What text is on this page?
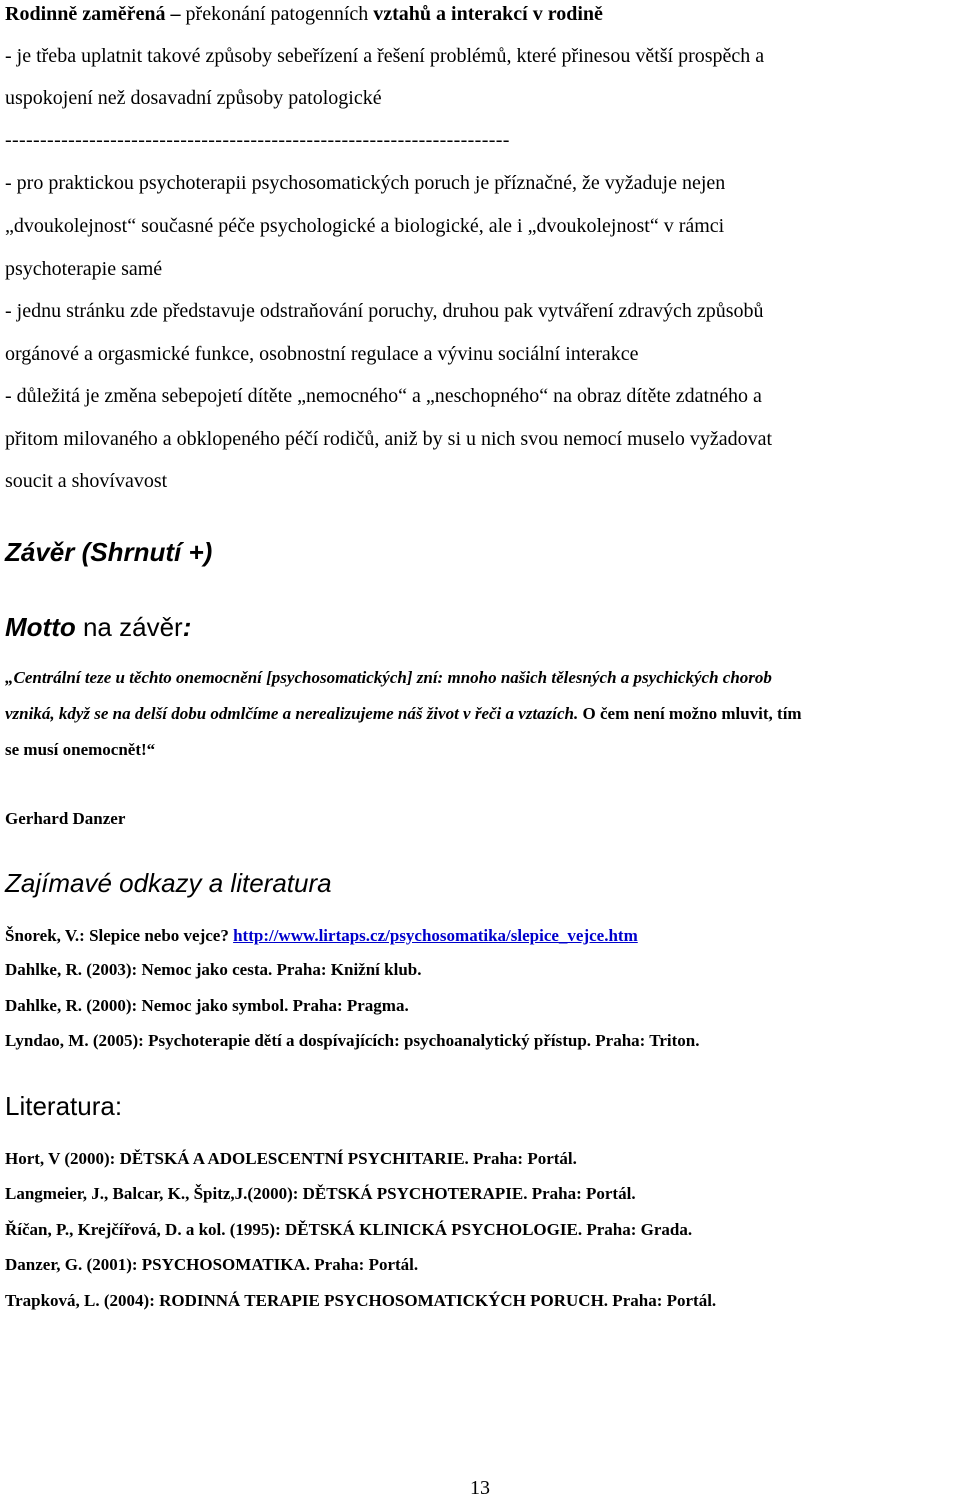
Rodinně zaměřená – překonání patogenních vztahů a interakcí v rodině
- je třeba uplatnit takové způsoby sebeřízení a řešení problémů, které přinesou větší prospěch a
uspokojení než dosavadní způsoby patologické
------------------------------------------------------------------------
- pro praktickou psychoterapii psychosomatických poruch je příznačné, že vyžaduje nejen
„dvoukolejnost“ současné péče psychologické a biologické, ale i „dvoukolejnost“ v rámci
psychoterapie samé
- jednu stránku zde představuje odstraňování poruchy, druhou pak vytváření zdravých způsobů
orgánové a orgasmické funkce, osobnostní regulace a vývinu sociální interakce
- důležitá je změna sebepojetí dítěte „nemocného“ a „neschopného“ na obraz dítěte zdatného a
přitom milovaného a obklopeného péčí rodičů, aniž by si u nich svou nemocí muselo vyžadovat
soucit a shovívavost
Závěr (Shrnutí +)
Motto na závěr:
„Centrální teze u těchto onemocnění [psychosomatických] zní: mnoho našich tělesných a psychických chorob
vzniká, když se na delší dobu odmlčíme a nerealizujeme náš život v řeči a vztazích. O čem není možno mluvit, tím
se musí onemocnět!“
Gerhard Danzer
Zajímavé odkazy a literatura
Šnorek, V.: Slepice nebo vejce? http://www.lirtaps.cz/psychosomatika/slepice_vejce.htm
Dahlke, R. (2003): Nemoc jako cesta. Praha: Knižní klub.
Dahlke, R. (2000): Nemoc jako symbol. Praha: Pragma.
Lyndao, M. (2005): Psychoterapie dětí a dospívajících: psychoanalytický přístup. Praha: Triton.
Literatura:
Hort, V (2000): DĚTSKÁ A ADOLESCENTNÍ PSYCHITARIE. Praha: Portál.
Langmeier, J., Balcar, K., Špitz,J.(2000): DĚTSKÁ PSYCHOTERAPIE. Praha: Portál.
Říčan, P., Krejčířová, D. a kol. (1995): DĚTSKÁ KLINICKÁ PSYCHOLOGIE. Praha: Grada.
Danzer, G. (2001): PSYCHOSOMATIKA. Praha: Portál.
Trapková, L. (2004): RODINNÁ TERAPIE PSYCHOSOMATICKÝCH PORUCH. Praha: Portál.
13
